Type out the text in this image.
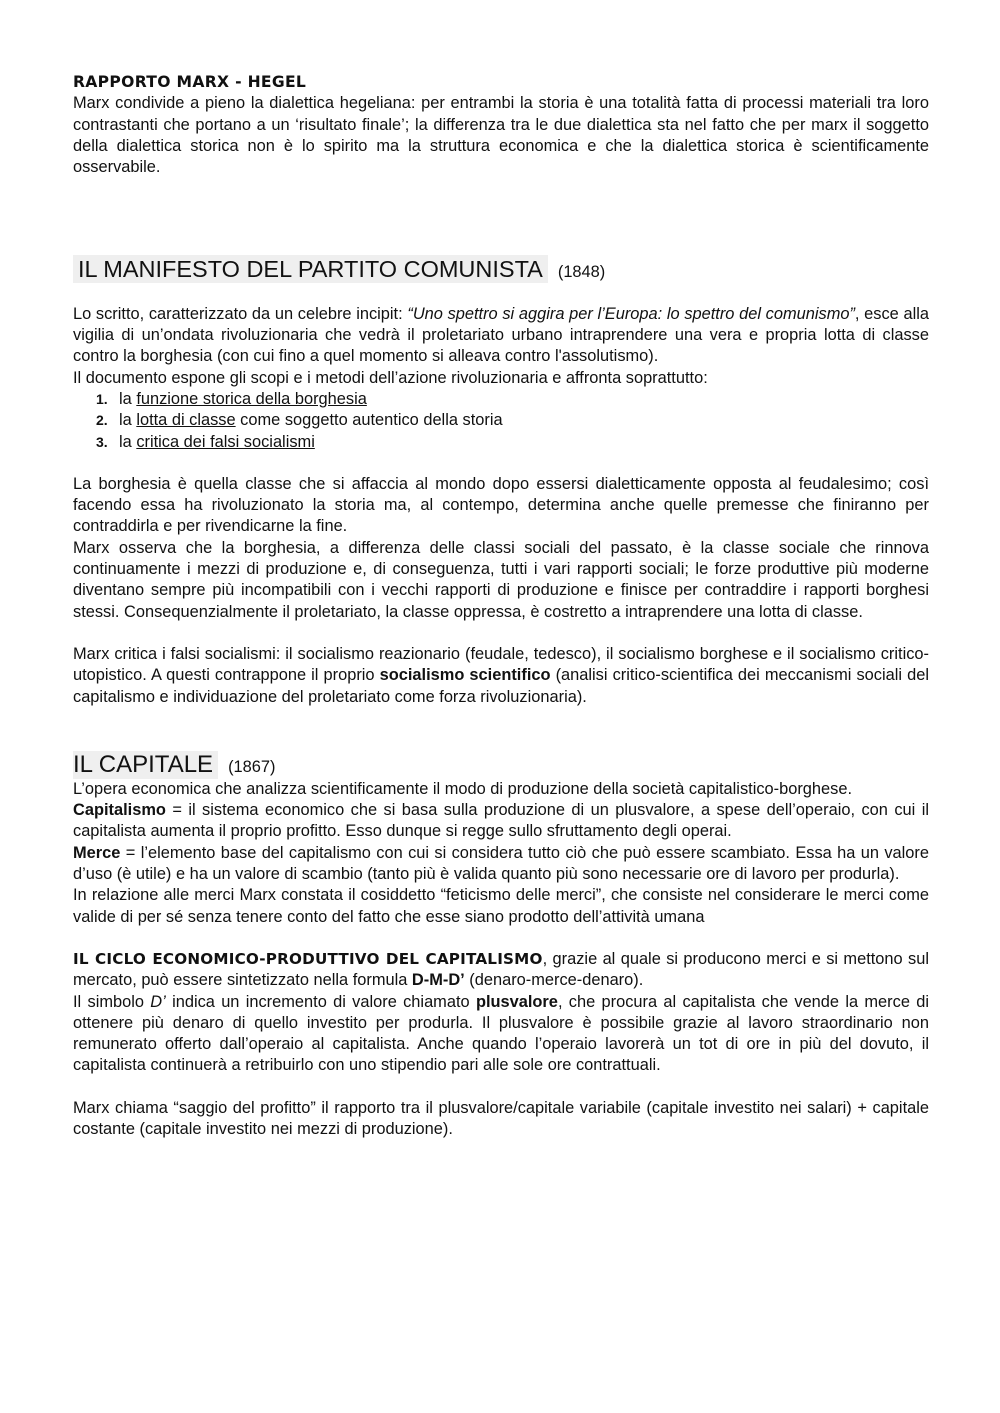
RAPPORTO MARX - HEGEL

Marx condivide a pieno la dialettica hegeliana: per entrambi la storia è una totalità fatta di processi materiali tra loro contrastanti che portano a un ‘risultato finale’; la differenza tra le due dialettica sta nel fatto che per marx il soggetto della dialettica storica non è lo spirito ma la struttura economica e che la dialettica storica è scientificamente osservabile.

IL MANIFESTO DEL PARTITO COMUNISTA (1848)

Lo scritto, caratterizzato da un celebre incipit: “Uno spettro si aggira per l’Europa: lo spettro del comunismo”, esce alla vigilia di un’ondata rivoluzionaria che vedrà il proletariato urbano intraprendere una vera e propria lotta di classe contro la borghesia (con cui fino a quel momento si alleava contro l'assolutismo).

Il documento espone gli scopi e i metodi dell’azione rivoluzionaria e affronta soprattutto:

1. la funzione storica della borghesia
2. la lotta di classe come soggetto autentico della storia
3. la critica dei falsi socialismi

La borghesia è quella classe che si affaccia al mondo dopo essersi dialetticamente opposta al feudalesimo; così facendo essa ha rivoluzionato la storia ma, al contempo, determina anche quelle premesse che finiranno per contraddirla e per rivendicarne la fine.

Marx osserva che la borghesia, a differenza delle classi sociali del passato, è la classe sociale che rinnova continuamente i mezzi di produzione e, di conseguenza, tutti i vari rapporti sociali; le forze produttive più moderne diventano sempre più incompatibili con i vecchi rapporti di produzione e finisce per contraddire i rapporti borghesi stessi. Consequenzialmente il proletariato, la classe oppressa, è costretto a intraprendere una lotta di classe.

Marx critica i falsi socialismi: il socialismo reazionario (feudale, tedesco), il socialismo borghese e il socialismo critico-utopistico. A questi contrappone il proprio socialismo scientifico (analisi critico-scientifica dei meccanismi sociali del capitalismo e individuazione del proletariato come forza rivoluzionaria).

IL CAPITALE (1867)

L’opera economica che analizza scientificamente il modo di produzione della società capitalistico-borghese.

Capitalismo = il sistema economico che si basa sulla produzione di un plusvalore, a spese dell’operaio, con cui il capitalista aumenta il proprio profitto. Esso dunque si regge sullo sfruttamento degli operai.

Merce = l’elemento base del capitalismo con cui si considera tutto ciò che può essere scambiato. Essa ha un valore d’uso (è utile) e ha un valore di scambio (tanto più è valida quanto più sono necessarie ore di lavoro per produrla).

In relazione alle merci Marx constata il cosiddetto “feticismo delle merci”, che consiste nel considerare le merci come valide di per sé senza tenere conto del fatto che esse siano prodotto dell’attività umana

IL CICLO ECONOMICO-PRODUTTIVO DEL CAPITALISMO, grazie al quale si producono merci e si mettono sul mercato, può essere sintetizzato nella formula D-M-D’ (denaro-merce-denaro).

Il simbolo D’ indica un incremento di valore chiamato plusvalore, che procura al capitalista che vende la merce di ottenere più denaro di quello investito per produrla. Il plusvalore è possibile grazie al lavoro straordinario non remunerato offerto dall’operaio al capitalista. Anche quando l’operaio lavorerà un tot di ore in più del dovuto, il capitalista continuerà a retribuirlo con uno stipendio pari alle sole ore contrattuali.

Marx chiama “saggio del profitto” il rapporto tra il plusvalore/capitale variabile (capitale investito nei salari) + capitale costante (capitale investito nei mezzi di produzione).
